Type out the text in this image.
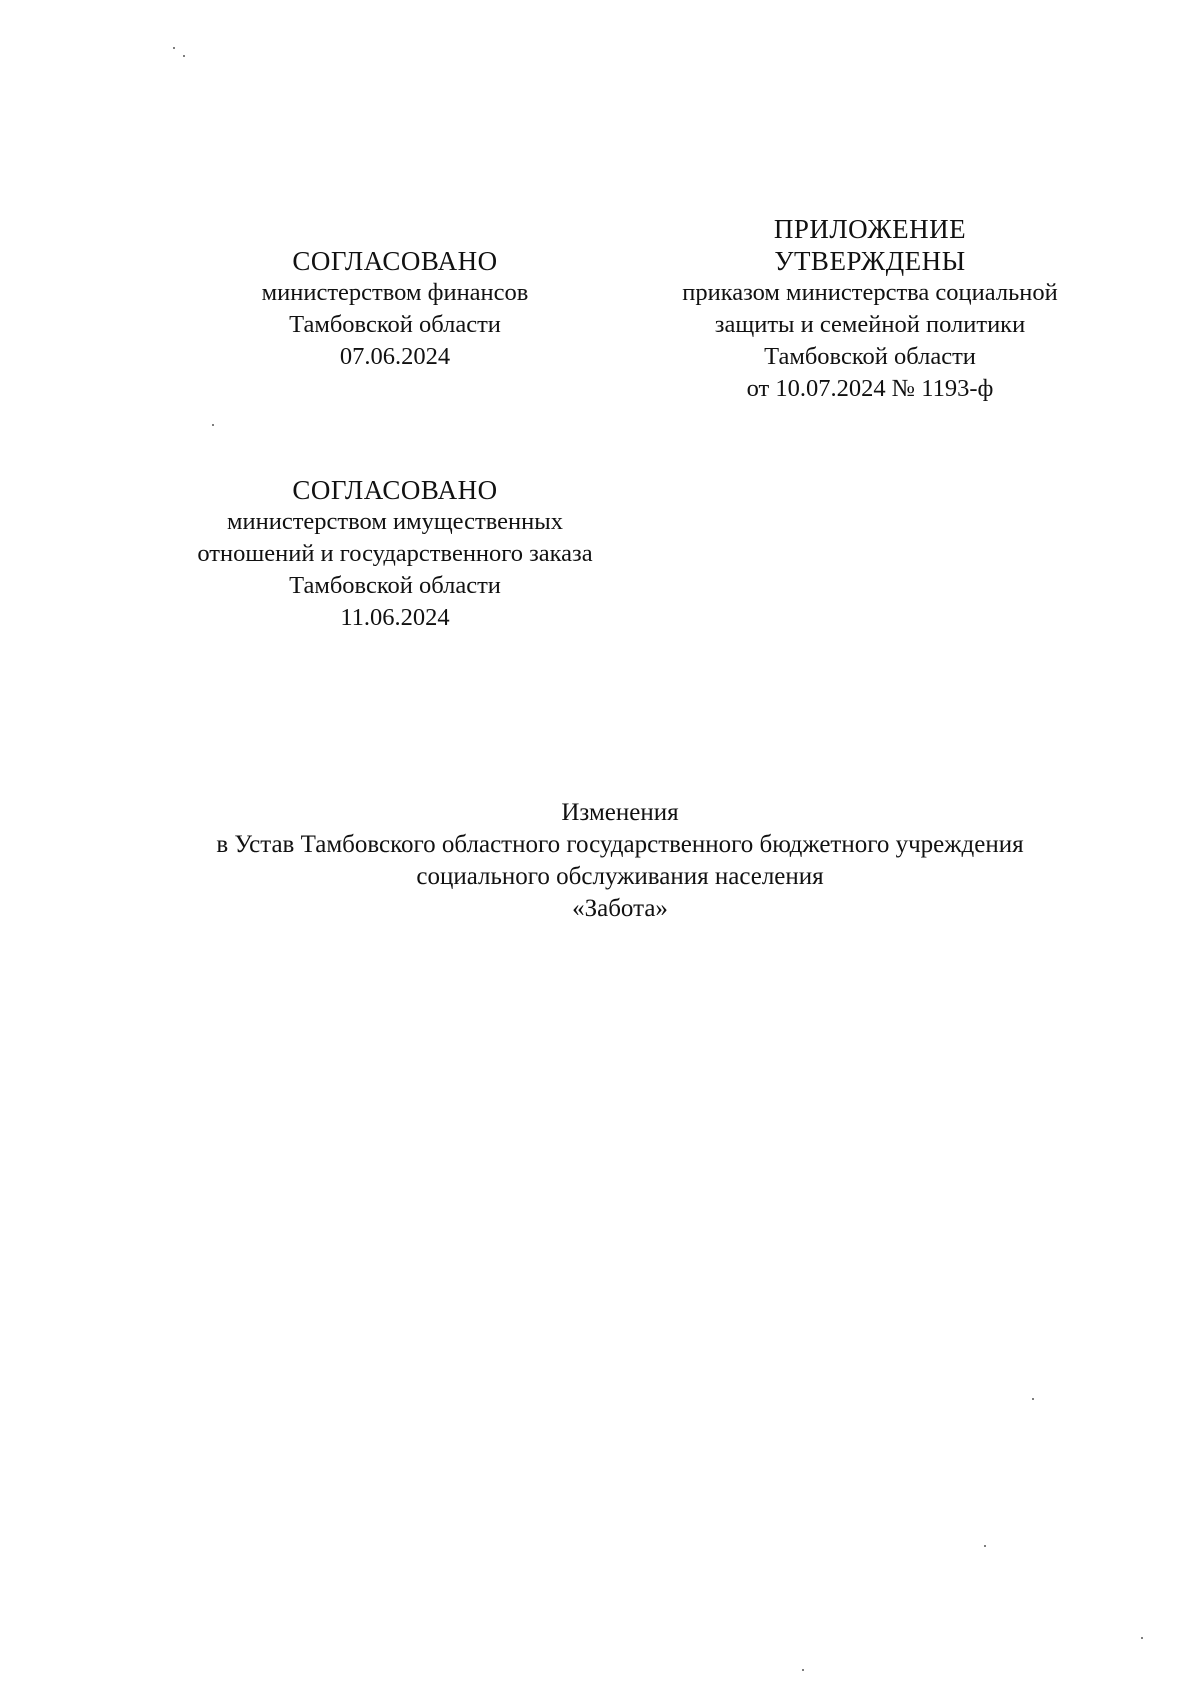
СОГЛАСОВАНО
министерством финансов
Тамбовской области
07.06.2024
ПРИЛОЖЕНИЕ
УТВЕРЖДЕНЫ
приказом министерства социальной
защиты и семейной политики
Тамбовской области
от 10.07.2024 № 1193-ф
СОГЛАСОВАНО
министерством имущественных
отношений и государственного заказа
Тамбовской области
11.06.2024
Изменения
в Устав Тамбовского областного государственного бюджетного учреждения
социального обслуживания населения
«Забота»
